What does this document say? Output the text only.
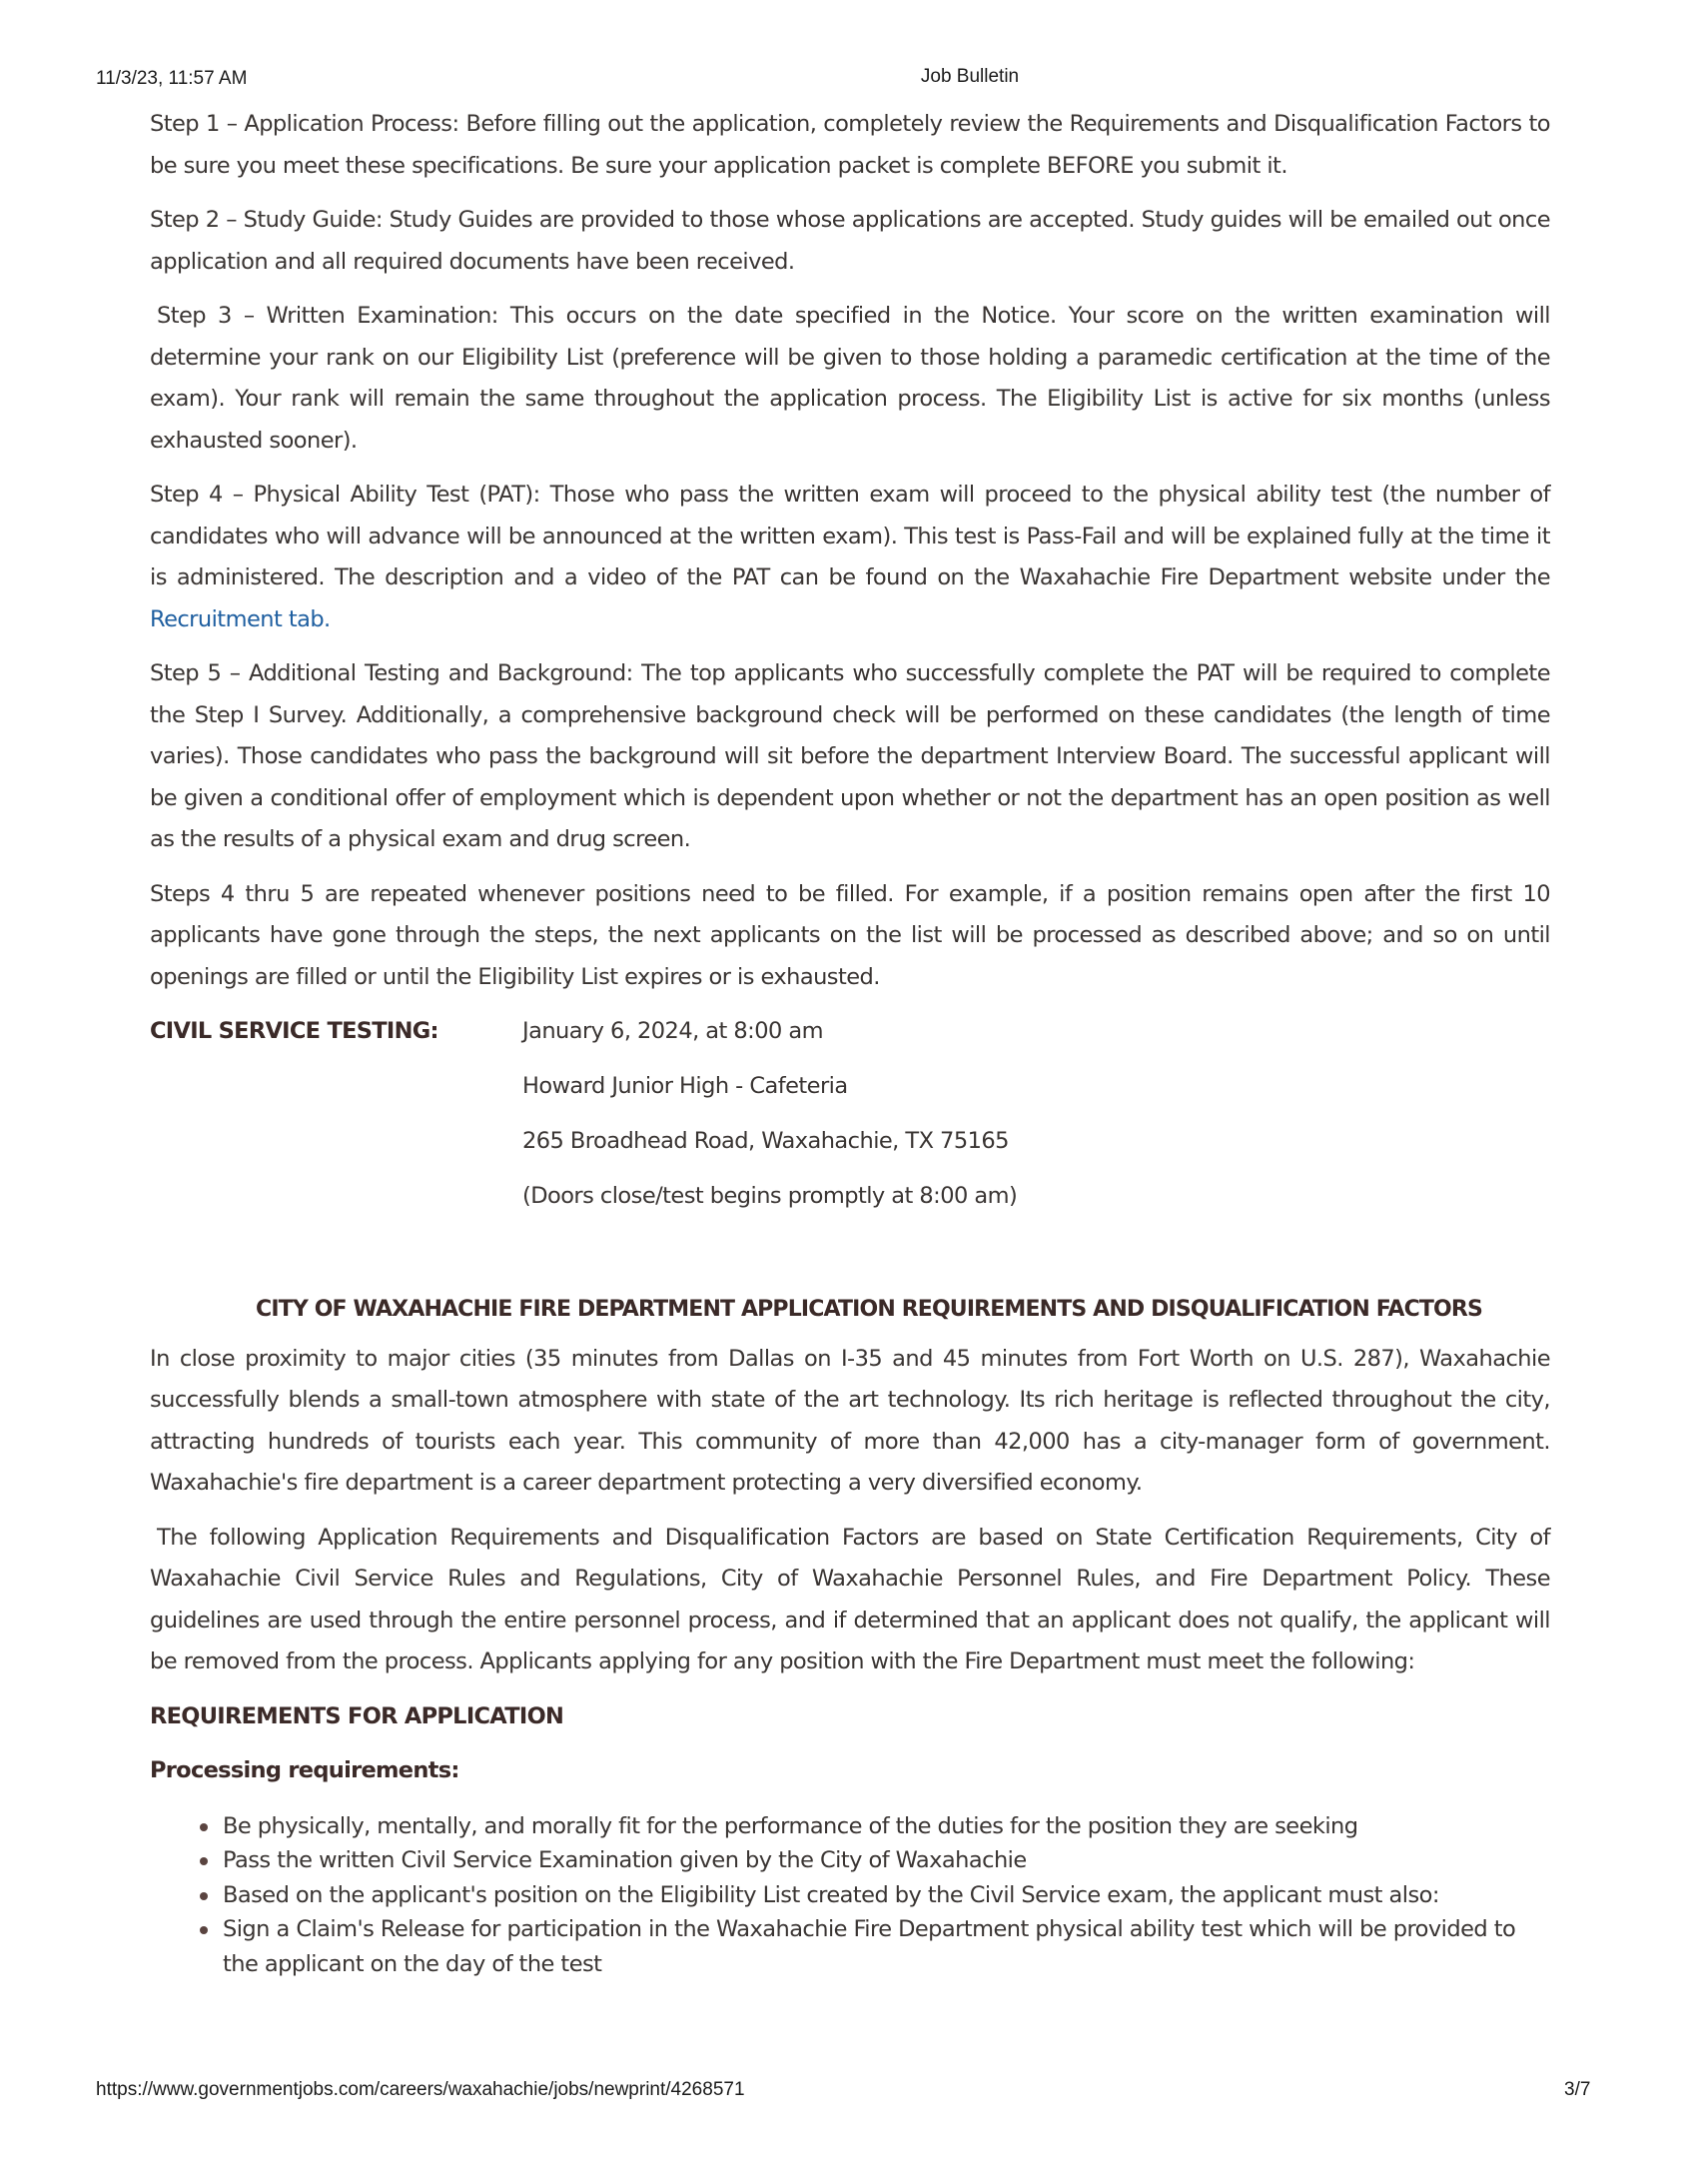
11/3/23, 11:57 AM	Job Bulletin

Step 1 – Application Process: Before filling out the application, completely review the Requirements and Disqualification Factors to be sure you meet these specifications. Be sure your application packet is complete BEFORE you submit it.

Step 2 – Study Guide: Study Guides are provided to those whose applications are accepted. Study guides will be emailed out once application and all required documents have been received.

Step 3 – Written Examination: This occurs on the date specified in the Notice. Your score on the written examination will determine your rank on our Eligibility List (preference will be given to those holding a paramedic certification at the time of the exam). Your rank will remain the same throughout the application process. The Eligibility List is active for six months (unless exhausted sooner).

Step 4 – Physical Ability Test (PAT): Those who pass the written exam will proceed to the physical ability test (the number of candidates who will advance will be announced at the written exam). This test is Pass-Fail and will be explained fully at the time it is administered. The description and a video of the PAT can be found on the Waxahachie Fire Department website under the Recruitment tab.

Step 5 – Additional Testing and Background: The top applicants who successfully complete the PAT will be required to complete the Step I Survey. Additionally, a comprehensive background check will be performed on these candidates (the length of time varies). Those candidates who pass the background will sit before the department Interview Board. The successful applicant will be given a conditional offer of employment which is dependent upon whether or not the department has an open position as well as the results of a physical exam and drug screen.

Steps 4 thru 5 are repeated whenever positions need to be filled. For example, if a position remains open after the first 10 applicants have gone through the steps, the next applicants on the list will be processed as described above; and so on until openings are filled or until the Eligibility List expires or is exhausted.

CIVIL SERVICE TESTING:	January 6, 2024, at 8:00 am
Howard Junior High - Cafeteria
265 Broadhead Road, Waxahachie, TX 75165
(Doors close/test begins promptly at 8:00 am)
CITY OF WAXAHACHIE FIRE DEPARTMENT APPLICATION REQUIREMENTS AND DISQUALIFICATION FACTORS

In close proximity to major cities (35 minutes from Dallas on I-35 and 45 minutes from Fort Worth on U.S. 287), Waxahachie successfully blends a small-town atmosphere with state of the art technology. Its rich heritage is reflected throughout the city, attracting hundreds of tourists each year. This community of more than 42,000 has a city-manager form of government. Waxahachie's fire department is a career department protecting a very diversified economy.

The following Application Requirements and Disqualification Factors are based on State Certification Requirements, City of Waxahachie Civil Service Rules and Regulations, City of Waxahachie Personnel Rules, and Fire Department Policy. These guidelines are used through the entire personnel process, and if determined that an applicant does not qualify, the applicant will be removed from the process. Applicants applying for any position with the Fire Department must meet the following:

REQUIREMENTS FOR APPLICATION
Processing requirements:
Be physically, mentally, and morally fit for the performance of the duties for the position they are seeking
Pass the written Civil Service Examination given by the City of Waxahachie
Based on the applicant's position on the Eligibility List created by the Civil Service exam, the applicant must also:
Sign a Claim's Release for participation in the Waxahachie Fire Department physical ability test which will be provided to the applicant on the day of the test
https://www.governmentjobs.com/careers/waxahachie/jobs/newprint/4268571	3/7
